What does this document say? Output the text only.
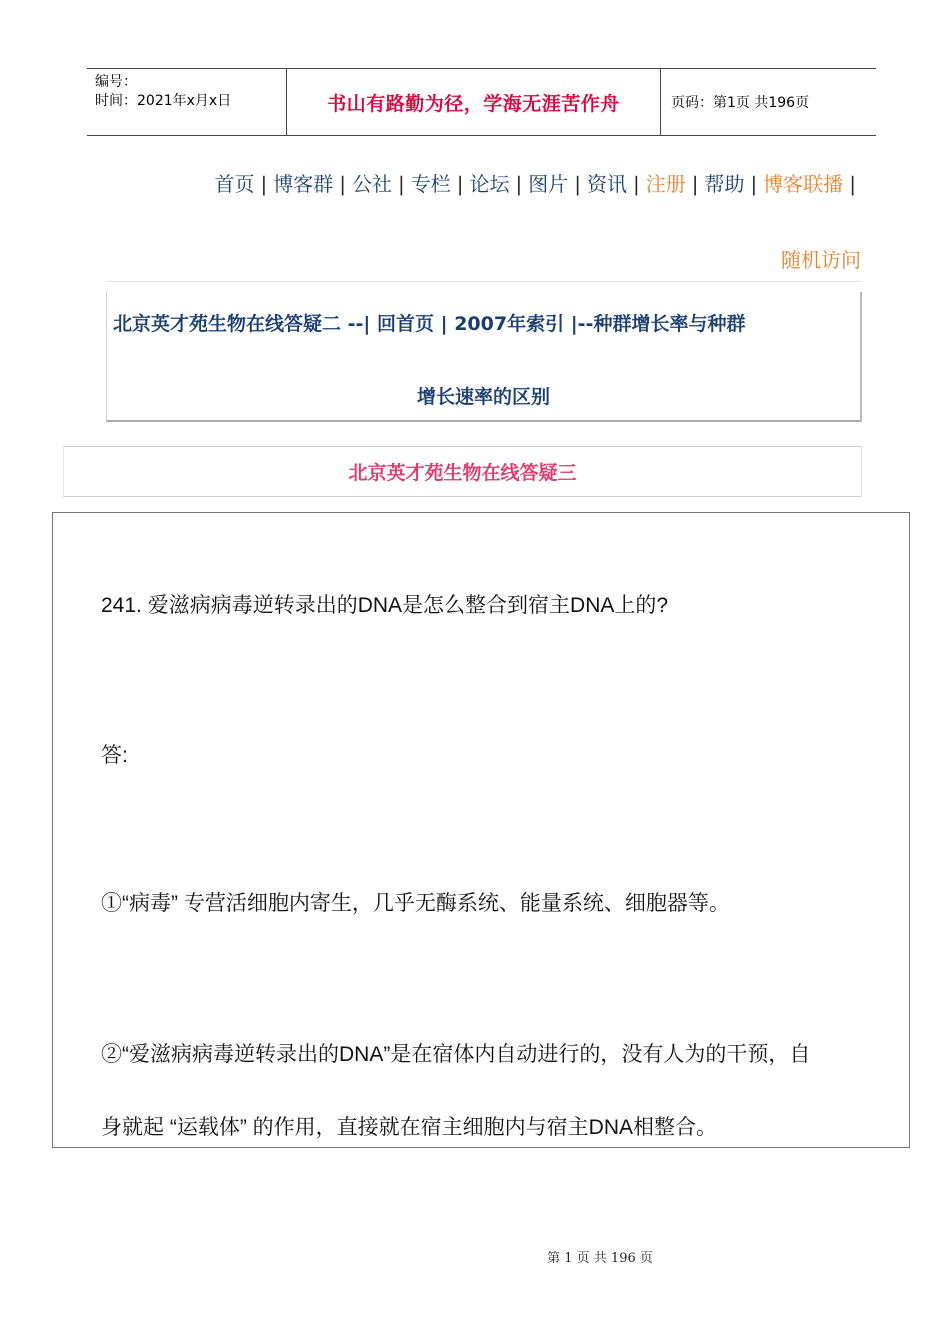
编号：
时间：2021年x月x日	书山有路勤为径，学海无涯苦作舟	页码：第1页 共196页
首页 | 博客群 | 公社 | 专栏 | 论坛 | 图片 | 资讯 | 注册 | 帮助 | 博客联播 |
随机访问
北京英才苑生物在线答疑二 --| 回首页 | 2007年索引 |--种群增长率与种群
增长速率的区别
北京英才苑生物在线答疑三

241. 爱滋病病毒逆转录出的DNA是怎么整合到宿主DNA上的?

答:

①“病毒” 专营活细胞内寄生，几乎无酶系统、能量系统、细胞器等。

②“爱滋病病毒逆转录出的DNA”是在宿体内自动进行的，没有人为的干预，自

身就起 “运载体” 的作用，直接就在宿主细胞内与宿主DNA相整合。

第 1 页 共 196 页
